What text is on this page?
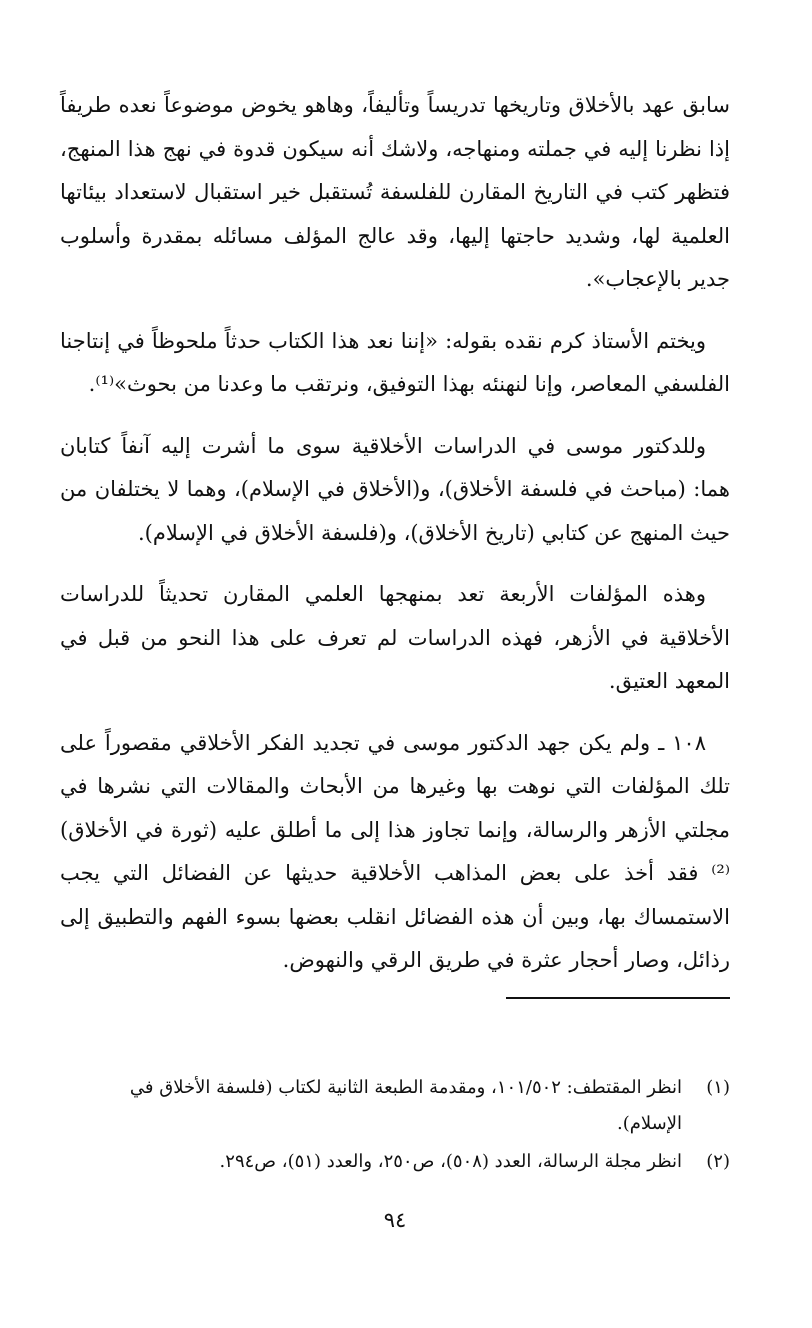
سابق عهد بالأخلاق وتاريخها تدريساً وتأليفاً، وهاهو يخوض موضوعاً نعده طريفاً إذا نظرنا إليه في جملته ومنهاجه، ولاشك أنه سيكون قدوة في نهج هذا المنهج، فتظهر كتب في التاريخ المقارن للفلسفة تُستقبل خير استقبال لاستعداد بيئاتها العلمية لها، وشديد حاجتها إليها، وقد عالج المؤلف مسائله بمقدرة وأسلوب جدير بالإعجاب».

ويختم الأستاذ كرم نقده بقوله: «إننا نعد هذا الكتاب حدثاً ملحوظاً في إنتاجنا الفلسفي المعاصر، وإنا لنهنئه بهذا التوفيق، ونرتقب ما وعدنا من بحوث»⁽¹⁾.

وللدكتور موسى في الدراسات الأخلاقية سوى ما أشرت إليه آنفاً كتابان هما: (مباحث في فلسفة الأخلاق)، و(الأخلاق في الإسلام)، وهما لا يختلفان من حيث المنهج عن كتابي (تاريخ الأخلاق)، و(فلسفة الأخلاق في الإسلام).

وهذه المؤلفات الأربعة تعد بمنهجها العلمي المقارن تحديثاً للدراسات الأخلاقية في الأزهر، فهذه الدراسات لم تعرف على هذا النحو من قبل في المعهد العتيق.

١٠٨ ـ ولم يكن جهد الدكتور موسى في تجديد الفكر الأخلاقي مقصوراً على تلك المؤلفات التي نوهت بها وغيرها من الأبحاث والمقالات التي نشرها في مجلتي الأزهر والرسالة، وإنما تجاوز هذا إلى ما أطلق عليه (ثورة في الأخلاق)⁽²⁾ فقد أخذ على بعض المذاهب الأخلاقية حديثها عن الفضائل التي يجب الاستمساك بها، وبين أن هذه الفضائل انقلب بعضها بسوء الفهم والتطبيق إلى رذائل، وصار أحجار عثرة في طريق الرقي والنهوض.

(١)
انظر المقتطف: ١٠١/٥٠٢، ومقدمة الطبعة الثانية لكتاب (فلسفة الأخلاق في الإسلام).
(٢)
انظر مجلة الرسالة، العدد (٥٠٨)، ص٢٥٠، والعدد (٥١)، ص٢٩٤.
٩٤
